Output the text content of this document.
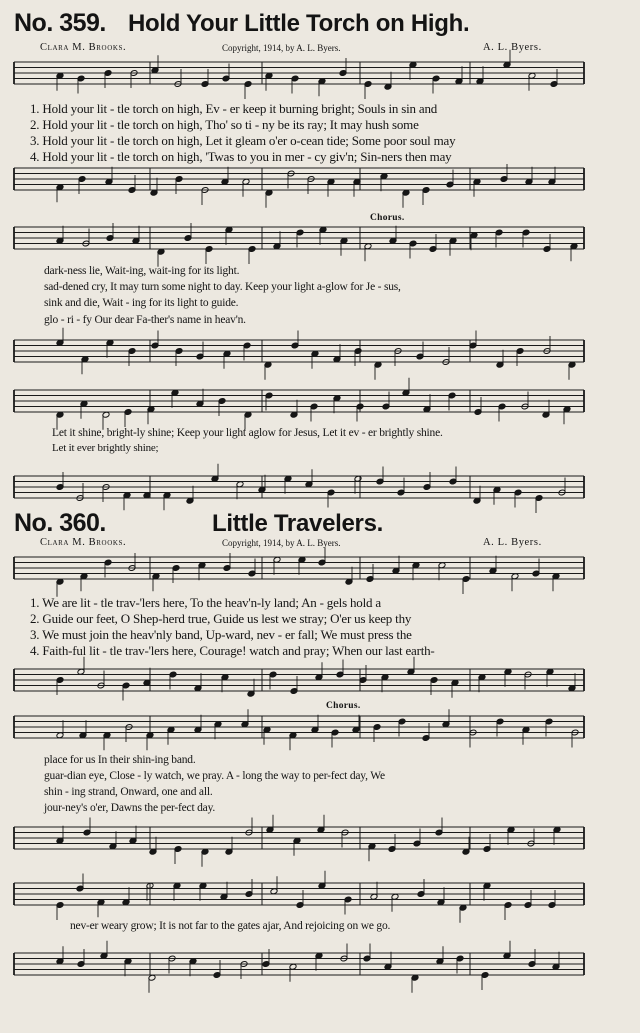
No. 359. Hold Your Little Torch on High.
Clara M. Brooks.	Copyright, 1914, by A. L. Byers.	A. L. Byers.
1. Hold your lit - tle torch on high, Ev - er keep it burning bright; Souls in sin and
2. Hold your lit - tle torch on high, Tho' so ti - ny be its ray; It may hush some
3. Hold your lit - tle torch on high, Let it gleam o'er o-cean tide; Some poor soul may
4. Hold your lit - tle torch on high, 'Twas to you in mer - cy giv'n; Sin-ners then may
Chorus.
dark-ness lie, Wait-ing, wait-ing for its light.
sad-dened cry, It may turn some night to day. Keep your light a-glow for Je - sus,
sink and die, Wait - ing for its light to guide.
glo - ri - fy Our dear Fa-ther's name in heav'n.
Let it shine, bright-ly shine; Keep your light aglow for Jesus, Let it ev - er brightly shine.
Let it ever brightly shine;
No. 360.	Little Travelers.
Clara M. Brooks.	Copyright, 1914, by A. L. Byers.	A. L. Byers.
1. We are lit - tle trav-'lers here, To the heav'n-ly land; An - gels hold a
2. Guide our feet, O Shep-herd true, Guide us lest we stray; O'er us keep thy
3. We must join the heav'nly band, Up-ward, nev - er fall; We must press the
4. Faith-ful lit - tle trav-'lers here, Courage! watch and pray; When our last earth-
Chorus.
place for us In their shin-ing band.
guar-dian eye, Close - ly watch, we pray. A - long the way to per-fect day, We
shin - ing strand, Onward, one and all.
jour-ney's o'er, Dawns the per-fect day.
nev-er weary grow; It is not far to the gates ajar, And rejoicing on we go.
